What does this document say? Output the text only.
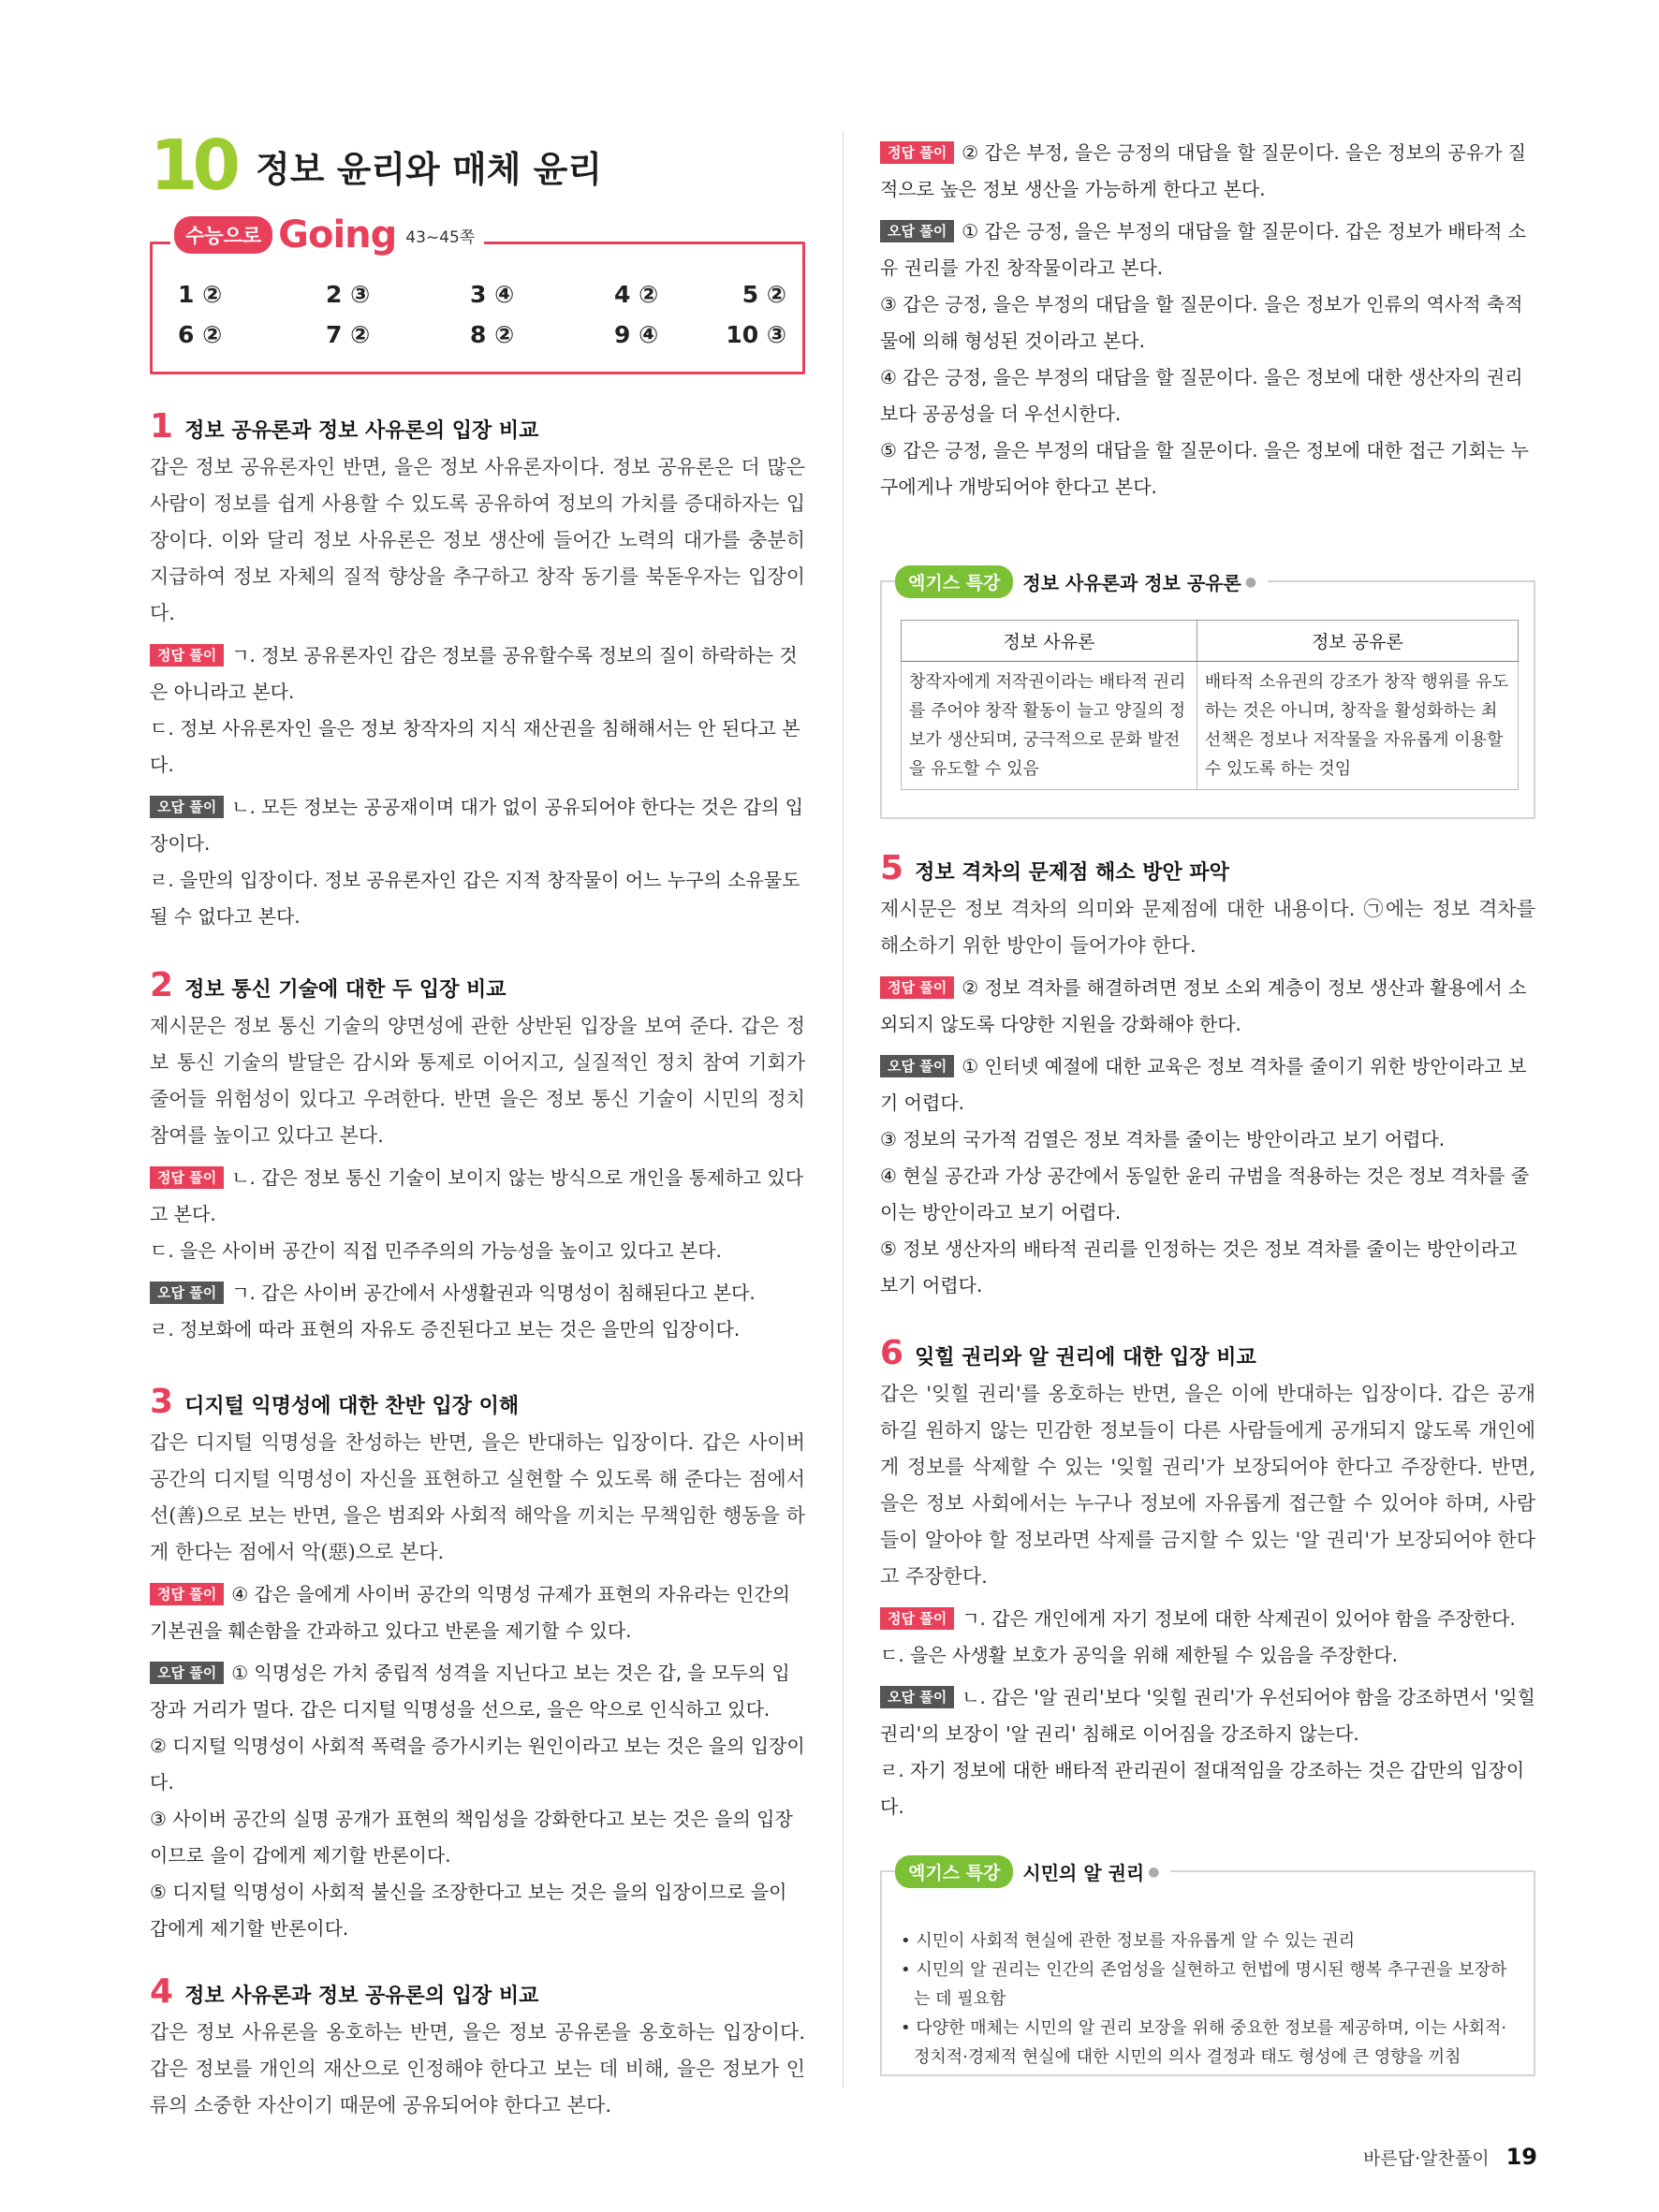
10 정보 윤리와 매체 윤리
수능으로 Going 43~45쪽
1 ②	2 ③	3 ④	4 ②	5 ②
6 ②	7 ②	8 ②	9 ④	10 ③
1 정보 공유론과 정보 사유론의 입장 비교

갑은 정보 공유론자인 반면, 을은 정보 사유론자이다. 정보 공유론은 더 많은 사람이 정보를 쉽게 사용할 수 있도록 공유하여 정보의 가치를 증대하자는 입장이다. 이와 달리 정보 사유론은 정보 생산에 들어간 노력의 대가를 충분히 지급하여 정보 자체의 질적 향상을 추구하고 창작 동기를 북돋우자는 입장이다.

정답 풀이 ㄱ. 정보 공유론자인 갑은 정보를 공유할수록 정보의 질이 하락하는 것은 아니라고 본다.

ㄷ. 정보 사유론자인 을은 정보 창작자의 지식 재산권을 침해해서는 안 된다고 본다.

오답 풀이 ㄴ. 모든 정보는 공공재이며 대가 없이 공유되어야 한다는 것은 갑의 입장이다.

ㄹ. 을만의 입장이다. 정보 공유론자인 갑은 지적 창작물이 어느 누구의 소유물도 될 수 없다고 본다.

2 정보 통신 기술에 대한 두 입장 비교

제시문은 정보 통신 기술의 양면성에 관한 상반된 입장을 보여 준다. 갑은 정보 통신 기술의 발달은 감시와 통제로 이어지고, 실질적인 정치 참여 기회가 줄어들 위험성이 있다고 우려한다. 반면 을은 정보 통신 기술이 시민의 정치 참여를 높이고 있다고 본다.

정답 풀이 ㄴ. 갑은 정보 통신 기술이 보이지 않는 방식으로 개인을 통제하고 있다고 본다.

ㄷ. 을은 사이버 공간이 직접 민주주의의 가능성을 높이고 있다고 본다.

오답 풀이 ㄱ. 갑은 사이버 공간에서 사생활권과 익명성이 침해된다고 본다.

ㄹ. 정보화에 따라 표현의 자유도 증진된다고 보는 것은 을만의 입장이다.

3 디지털 익명성에 대한 찬반 입장 이해

갑은 디지털 익명성을 찬성하는 반면, 을은 반대하는 입장이다. 갑은 사이버 공간의 디지털 익명성이 자신을 표현하고 실현할 수 있도록 해 준다는 점에서 선(善)으로 보는 반면, 을은 범죄와 사회적 해악을 끼치는 무책임한 행동을 하게 한다는 점에서 악(惡)으로 본다.

정답 풀이 ④ 갑은 을에게 사이버 공간의 익명성 규제가 표현의 자유라는 인간의 기본권을 훼손함을 간과하고 있다고 반론을 제기할 수 있다.

오답 풀이 ① 익명성은 가치 중립적 성격을 지닌다고 보는 것은 갑, 을 모두의 입장과 거리가 멀다. 갑은 디지털 익명성을 선으로, 을은 악으로 인식하고 있다.

② 디지털 익명성이 사회적 폭력을 증가시키는 원인이라고 보는 것은 을의 입장이다.

③ 사이버 공간의 실명 공개가 표현의 책임성을 강화한다고 보는 것은 을의 입장이므로 을이 갑에게 제기할 반론이다.

⑤ 디지털 익명성이 사회적 불신을 조장한다고 보는 것은 을의 입장이므로 을이 갑에게 제기할 반론이다.

4 정보 사유론과 정보 공유론의 입장 비교

갑은 정보 사유론을 옹호하는 반면, 을은 정보 공유론을 옹호하는 입장이다. 갑은 정보를 개인의 재산으로 인정해야 한다고 보는 데 비해, 을은 정보가 인류의 소중한 자산이기 때문에 공유되어야 한다고 본다.

정답 풀이 ② 갑은 부정, 을은 긍정의 대답을 할 질문이다. 을은 정보의 공유가 질적으로 높은 정보 생산을 가능하게 한다고 본다.

오답 풀이 ① 갑은 긍정, 을은 부정의 대답을 할 질문이다. 갑은 정보가 배타적 소유 권리를 가진 창작물이라고 본다.

③ 갑은 긍정, 을은 부정의 대답을 할 질문이다. 을은 정보가 인류의 역사적 축적물에 의해 형성된 것이라고 본다.

④ 갑은 긍정, 을은 부정의 대답을 할 질문이다. 을은 정보에 대한 생산자의 권리보다 공공성을 더 우선시한다.

⑤ 갑은 긍정, 을은 부정의 대답을 할 질문이다. 을은 정보에 대한 접근 기회는 누구에게나 개방되어야 한다고 본다.

정보 사유론	정보 공유론
창작자에게 저작권이라는 배타적 권리를 주어야 창작 활동이 늘고 양질의 정보가 생산되며, 궁극적으로 문화 발전을 유도할 수 있음	배타적 소유권의 강조가 창작 행위를 유도하는 것은 아니며, 창작을 활성화하는 최선책은 정보나 저작물을 자유롭게 이용할 수 있도록 하는 것임
엑기스 특강	정보 사유론과 정보 공유론 ●
5 정보 격차의 문제점 해소 방안 파악

제시문은 정보 격차의 의미와 문제점에 대한 내용이다. ㉠에는 정보 격차를 해소하기 위한 방안이 들어가야 한다.

정답 풀이 ② 정보 격차를 해결하려면 정보 소외 계층이 정보 생산과 활용에서 소외되지 않도록 다양한 지원을 강화해야 한다.

오답 풀이 ① 인터넷 예절에 대한 교육은 정보 격차를 줄이기 위한 방안이라고 보기 어렵다.

③ 정보의 국가적 검열은 정보 격차를 줄이는 방안이라고 보기 어렵다.

④ 현실 공간과 가상 공간에서 동일한 윤리 규범을 적용하는 것은 정보 격차를 줄이는 방안이라고 보기 어렵다.

⑤ 정보 생산자의 배타적 권리를 인정하는 것은 정보 격차를 줄이는 방안이라고 보기 어렵다.

6 잊힐 권리와 알 권리에 대한 입장 비교

갑은 '잊힐 권리'를 옹호하는 반면, 을은 이에 반대하는 입장이다. 갑은 공개하길 원하지 않는 민감한 정보들이 다른 사람들에게 공개되지 않도록 개인에게 정보를 삭제할 수 있는 '잊힐 권리'가 보장되어야 한다고 주장한다. 반면, 을은 정보 사회에서는 누구나 정보에 자유롭게 접근할 수 있어야 하며, 사람들이 알아야 할 정보라면 삭제를 금지할 수 있는 '알 권리'가 보장되어야 한다고 주장한다.

정답 풀이 ㄱ. 갑은 개인에게 자기 정보에 대한 삭제권이 있어야 함을 주장한다.

ㄷ. 을은 사생활 보호가 공익을 위해 제한될 수 있음을 주장한다.

오답 풀이 ㄴ. 갑은 '알 권리'보다 '잊힐 권리'가 우선되어야 함을 강조하면서 '잊힐 권리'의 보장이 '알 권리' 침해로 이어짐을 강조하지 않는다.

ㄹ. 자기 정보에 대한 배타적 관리권이 절대적임을 강조하는 것은 갑만의 입장이다.

• 시민이 사회적 현실에 관한 정보를 자유롭게 알 수 있는 권리

• 시민의 알 권리는 인간의 존엄성을 실현하고 헌법에 명시된 행복 추구권을 보장하는 데 필요함

• 다양한 매체는 시민의 알 권리 보장을 위해 중요한 정보를 제공하며, 이는 사회적·정치적·경제적 현실에 대한 시민의 의사 결정과 태도 형성에 큰 영향을 끼침

엑기스 특강	시민의 알 권리 ●
바른답·알찬풀이 19
